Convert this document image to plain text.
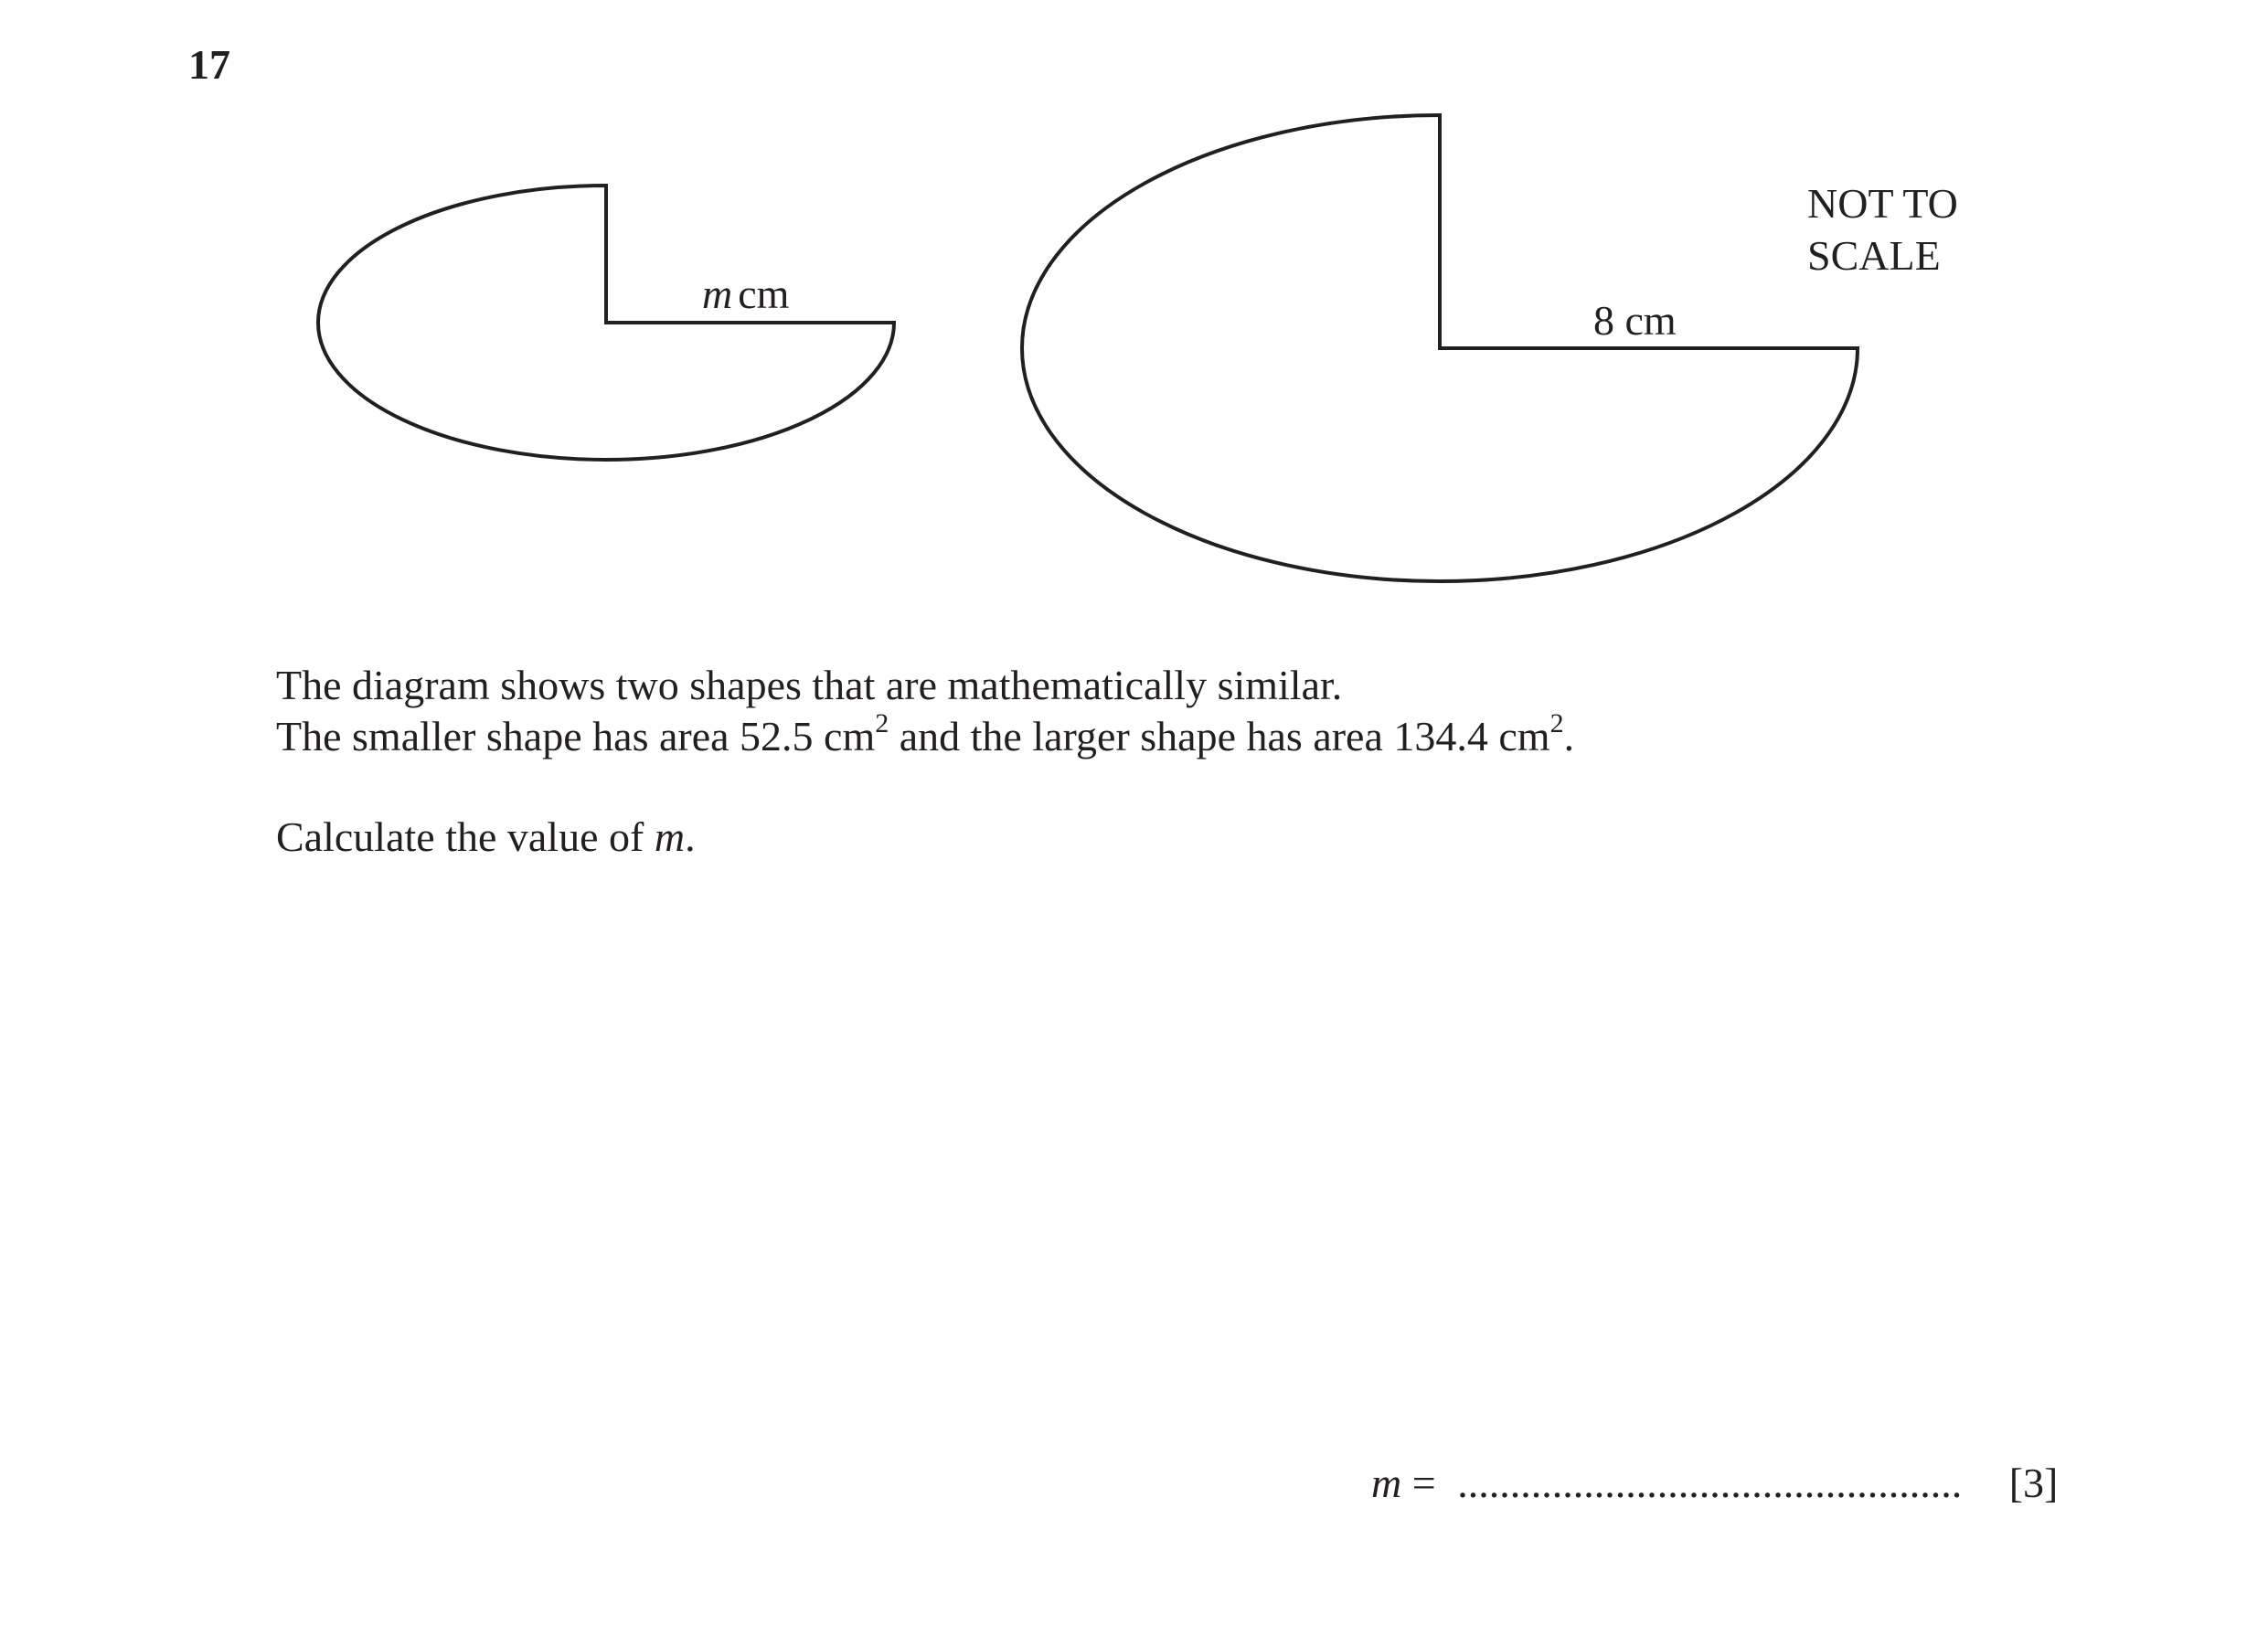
17
m cm
8 cm
NOT TO
SCALE

The diagram shows two shapes that are mathematically similar.

The smaller shape has area 52.5 $cm^2$ and the larger shape has area 134.4 $cm^2$.

Calculate the value of m.

m = ................................................ [3]
